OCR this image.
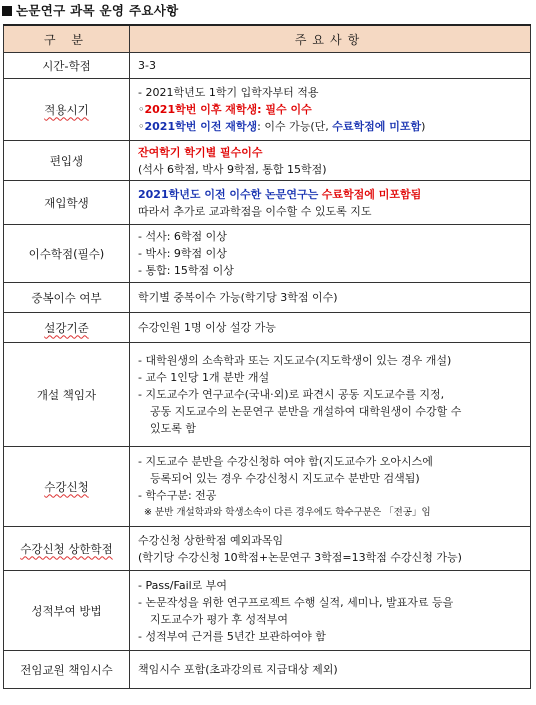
논문연구 과목 운영 주요사항
구 분	주요사항
시간-학점	3-3
적용시기	- 2021학년도 1학기 입학자부터 적용
◦2021학번 이후 재학생: 필수 이수
◦2021학번 이전 재학생: 이수 가능(단, 수료학점에 미포함)

편입생	잔여학기 학기별 필수이수
(석사 6학점, 박사 9학점, 통합 15학점)

재입학생	2021학년도 이전 이수한 논문연구는 수료학점에 미포함됨
따라서 추가로 교과학점을 이수할 수 있도록 지도

이수학점(필수)	- 석사: 6학점 이상
- 박사: 9학점 이상
- 통합: 15학점 이상

중복이수 여부	학기별 중복이수 가능(학기당 3학점 이수)
설강기준	수강인원 1명 이상 설강 가능
개설 책임자	- 대학원생의 소속학과 또는 지도교수(지도학생이 있는 경우 개설)
- 교수 1인당 1개 분반 개설
- 지도교수가 연구교수(국내·외)로 파견시 공동 지도교수를 지정,
공동 지도교수의 논문연구 분반을 개설하여 대학원생이 수강할 수
있도록 함

수강신청	- 지도교수 분반을 수강신청하 여야 함(지도교수가 오아시스에
등록되어 있는 경우 수강신청시 지도교수 분반만 검색됨)
- 학수구분: 전공
※ 분반 개설학과와 학생소속이 다른 경우에도 학수구분은 「전공」임

수강신청 상한학점	수강신청 상한학점 예외과목임
(학기당 수강신청 10학점+논문연구 3학점=13학점 수강신청 가능)

성적부여 방법	- Pass/Fail로 부여
- 논문작성을 위한 연구프로젝트 수행 실적, 세미나, 발표자료 등을
지도교수가 평가 후 성적부여
- 성적부여 근거를 5년간 보관하여야 함

전임교원 책임시수	책임시수 포함(초과강의료 지급대상 제외)
